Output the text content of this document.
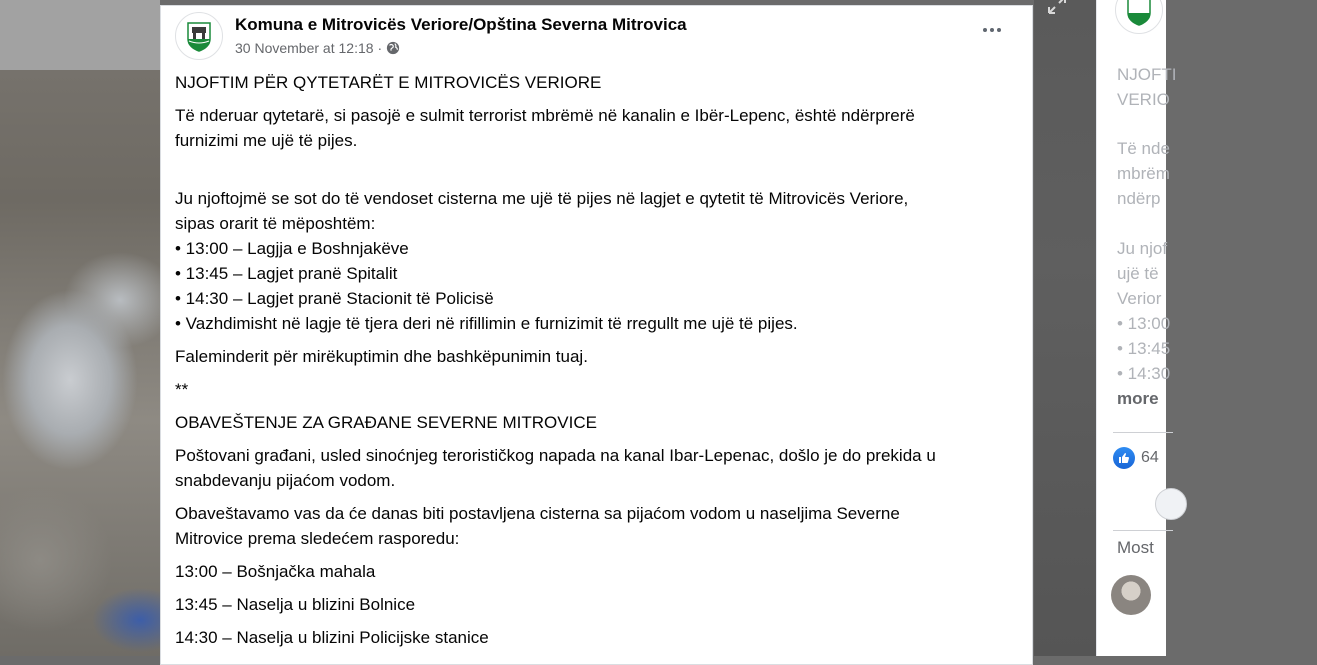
Komuna e Mitrovicës Veriore/Opština Severna Mitrovica
30 November at 12:18 ·

NJOFTIM PËR QYTETARËT E MITROVICËS VERIORE

Të nderuar qytetarë, si pasojë e sulmit terrorist mbrëmë në kanalin e Ibër-Lepenc, është ndërprerë
furnizimi me ujë të pijes.

Ju njoftojmë se sot do të vendoset cisterna me ujë të pijes në lagjet e qytetit të Mitrovicës Veriore,
sipas orarit të mëposhtëm:

• 13:00 – Lagjja e Boshnjakëve
• 13:45 – Lagjet pranë Spitalit
• 14:30 – Lagjet pranë Stacionit të Policisë
• Vazhdimisht në lagje të tjera deri në rifillimin e furnizimit të rregullt me ujë të pijes.

Faleminderit për mirëkuptimin dhe bashkëpunimin tuaj.

**

OBAVEŠTENJE ZA GRAĐANE SEVERNE MITROVICE

Poštovani građani, usled sinoćnjeg terorističkog napada na kanal Ibar-Lepenac, došlo je do prekida u
snabdevanju pijaćom vodom.

Obaveštavamo vas da će danas biti postavljena cisterna sa pijaćom vodom u naseljima Severne
Mitrovice prema sledećem rasporedu:

13:00 – Bošnjačka mahala

13:45 – Naselja u blizini Bolnice

14:30 – Naselja u blizini Policijske stanice

NJOFTI
VERIO
Të nde
mbrëm
ndërp
Ju njof
ujë të
Verior
• 13:00
• 13:45
• 14:30
more
64
Most
